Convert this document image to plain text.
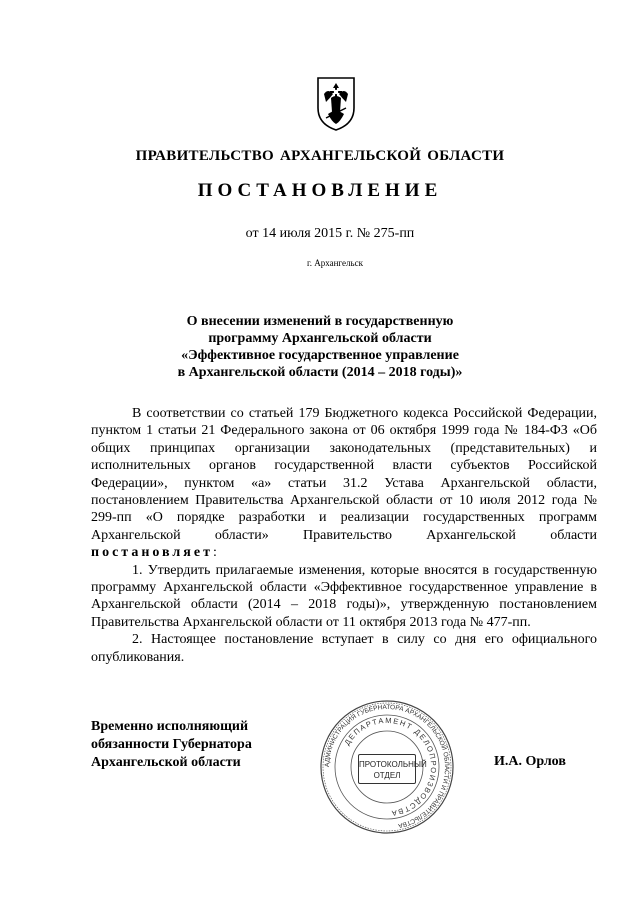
ПРАВИТЕЛЬСТВО АРХАНГЕЛЬСКОЙ ОБЛАСТИ
ПОСТАНОВЛЕНИЕ
от 14 июля 2015 г. № 275-пп
г. Архангельск
О внесении изменений в государственную
программу Архангельской области
«Эффективное государственное управление
в Архангельской области (2014 – 2018 годы)»

В соответствии со статьей 179 Бюджетного кодекса Российской Федерации, пунктом 1 статьи 21 Федерального закона от 06 октября 1999 года № 184-ФЗ «Об общих принципах организации законодательных (представительных) и исполнительных органов государственной власти субъектов Российской Федерации», пунктом «а» статьи 31.2 Устава Архангельской области, постановлением Правительства Архангельской области от 10 июля 2012 года № 299-пп «О порядке разработки и реализации государственных программ Архангельской области» Правительство Архангельской области постановляет:

1. Утвердить прилагаемые изменения, которые вносятся в государственную программу Архангельской области «Эффективное государственное управление в Архангельской области (2014 – 2018 годы)», утвержденную постановлением Правительства Архангельской области от 11 октября 2013 года № 477-пп.

2. Настоящее постановление вступает в силу со дня его официального опубликования.

Временно исполняющий
обязанности Губернатора
Архангельской области	АДМИНИСТРАЦИЯ ГУБЕРНАТОРА АРХАНГЕЛЬСКОЙ ОБЛАСТИ И ПРАВИТЕЛЬСТВА
ДЕПАРТАМЕНТ ДЕЛОПРОИЗВОДСТВА
ПРОТОКОЛЬНЫЙ
ОТДЕЛ
И.А. Орлов
